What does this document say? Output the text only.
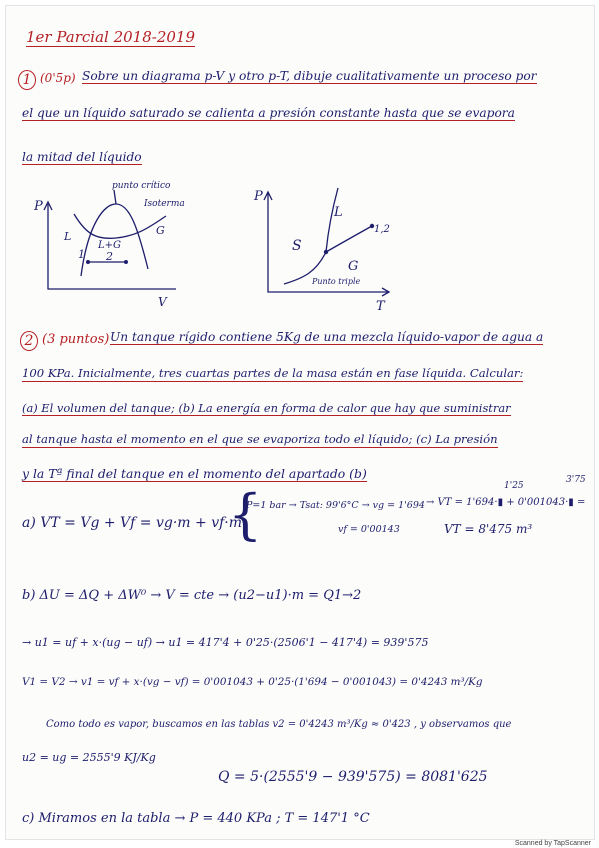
1er Parcial 2018-2019
1 (0'5p) Sobre un diagrama p-V y otro p-T, dibuje cualitativamente un proceso por
el que un líquido saturado se calienta a presión constante hasta que se evapora
la mitad del líquido
P
V
punto crítico
Isoterma
L
L+G
G
1 2
P
T
S
L
G
1,2
Punto triple
2 (3 puntos) Un tanque rígido contiene 5Kg de una mezcla líquido-vapor de agua a
100 KPa. Inicialmente, tres cuartas partes de la masa están en fase líquida. Calcular:
(a) El volumen del tanque; (b) La energía en forma de calor que hay que suministrar
al tanque hasta el momento en el que se evaporiza todo el líquido; (c) La presión
y la Tª final del tanque en el momento del apartado (b)
a) VT = Vg + Vf = vg·m + vf·m
{
P=1 bar → Tsat: 99'6°C → vg = 1'694
vf = 0'00143
1'25
3'75
→ VT = 1'694·▮ + 0'001043·▮ =
VT = 8'475 m³
b) ΔU = ΔQ + ΔW⁰ → V = cte → (u2−u1)·m = Q1→2
→ u1 = uf + x·(ug − uf) → u1 = 417'4 + 0'25·(2506'1 − 417'4) = 939'575
V1 = V2 → v1 = vf + x·(vg − vf) = 0'001043 + 0'25·(1'694 − 0'001043) = 0'4243 m³/Kg
Como todo es vapor, buscamos en las tablas v2 = 0'4243 m³/Kg ≈ 0'423 , y observamos que
u2 = ug = 2555'9 KJ/Kg
Q = 5·(2555'9 − 939'575) = 8081'625
c) Miramos en la tabla → P = 440 KPa ; T = 147'1 °C
Scanned by TapScanner
